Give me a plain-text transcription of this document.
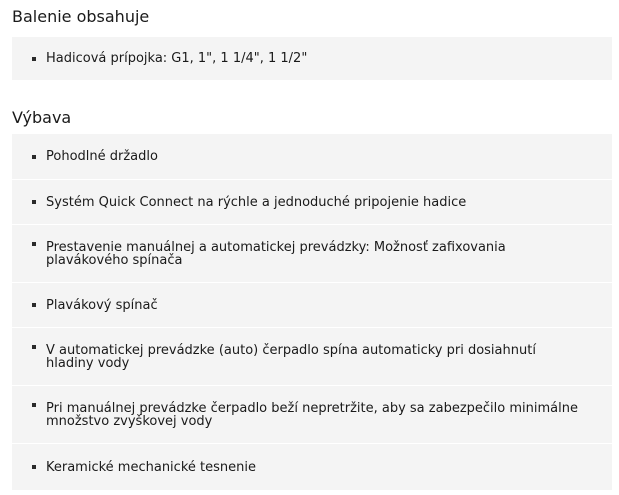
Balenie obsahuje
Hadicová prípojka: G1, 1", 1 1/4", 1 1/2"
Výbava
Pohodlné držadlo
Systém Quick Connect na rýchle a jednoduché pripojenie hadice
Prestavenie manuálnej a automatickej prevádzky: Možnosť zafixovania plavákového spínača
Plavákový spínač
V automatickej prevádzke (auto) čerpadlo spína automaticky pri dosiahnutí hladiny vody
Pri manuálnej prevádzke čerpadlo beží nepretržite, aby sa zabezpečilo minimálne množstvo zvyškovej vody
Keramické mechanické tesnenie
